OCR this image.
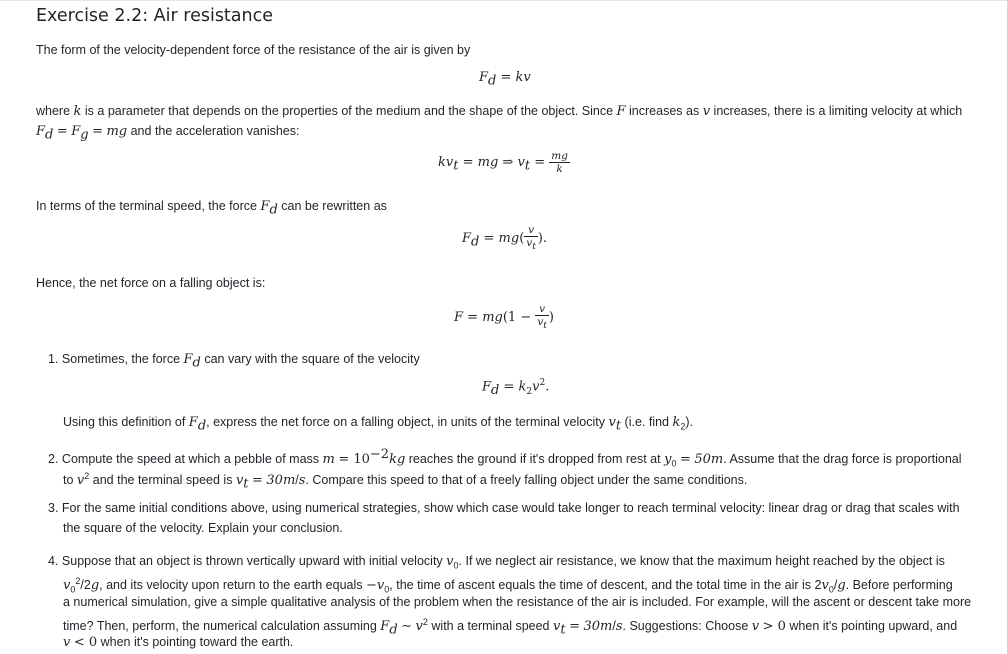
Exercise 2.2: Air resistance
The form of the velocity-dependent force of the resistance of the air is given by
$F_d$ = kv
where k is a parameter that depends on the properties of the medium and the shape of the object. Since F increases as v increases, there is a limiting velocity at which
$F_d = F_g$ = mg and the acceleration vanishes:
$kv_t$ = mg ⇒ $v_t = \frac{mg}{k}$
In terms of the terminal speed, the force $F_d$ can be rewritten as
$F_d = mg( \frac{v}{v_t}$ ).
Hence, the net force on a falling object is:
$F = mg(1 - \frac{v}{v_t}$ )
1. Sometimes, the force $F_d$ can vary with the square of the velocity
$F_d = k_2v^2$.
Using this definition of $F_d$, express the net force on a falling object, in units of the terminal velocity $v_t$ (i.e. find $k_2$).
2. Compute the speed at which a pebble of mass $m = 10^{-2}kg$ reaches the ground if it's dropped from rest at $y_0 = 50m$. Assume that the drag force is proportional
to $v^2$ and the terminal speed is $v_t = 30m/s$. Compare this speed to that of a freely falling object under the same conditions.
3. For the same initial conditions above, using numerical strategies, show which case would take longer to reach terminal velocity: linear drag or drag that scales with
the square of the velocity. Explain your conclusion.
4. Suppose that an object is thrown vertically upward with initial velocity $v_0$. If we neglect air resistance, we know that the maximum height reached by the object is
$v_0^2/2g$, and its velocity upon return to the earth equals $-v_0$, the time of ascent equals the time of descent, and the total time in the air is $2v_0/g$. Before performing
a numerical simulation, give a simple qualitative analysis of the problem when the resistance of the air is included. For example, will the ascent or descent take more
time? Then, perform, the numerical calculation assuming $F_d$ ∼ $v^2$ with a terminal speed $v_t = 30m/s$. Suggestions: Choose v > 0 when it's pointing upward, and
v < 0 when it's pointing toward the earth.
